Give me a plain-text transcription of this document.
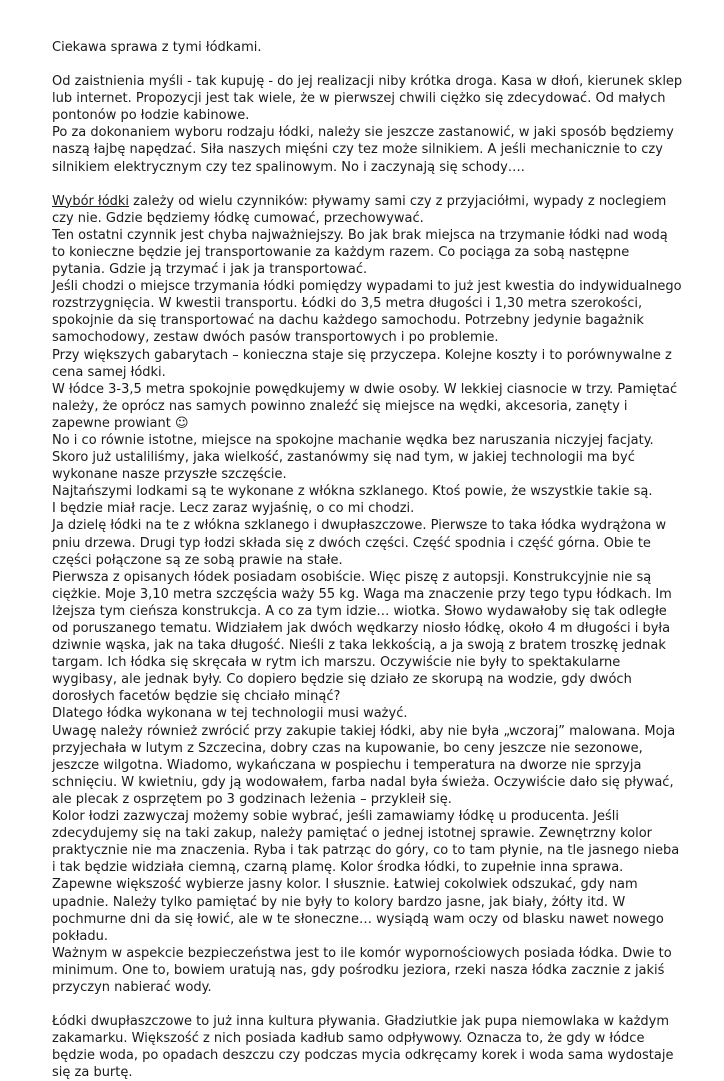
Ciekawa sprawa z tymi łódkami.

Od zaistnienia myśli - tak kupuję - do jej realizacji niby krótka droga. Kasa w dłoń, kierunek sklep lub internet. Propozycji jest tak wiele, że w pierwszej chwili ciężko się zdecydować. Od małych pontonów po łodzie kabinowe.

Po za dokonaniem wyboru rodzaju łódki, należy sie jeszcze zastanowić, w jaki sposób będziemy naszą łajbę napędzać. Siła naszych mięśni czy tez może silnikiem. A jeśli mechanicznie to czy silnikiem elektrycznym czy tez spalinowym. No i zaczynają się schody….

Wybór łódki zależy od wielu czynników: pływamy sami czy z przyjaciółmi, wypady z noclegiem czy nie. Gdzie będziemy łódkę cumować, przechowywać.

Ten ostatni czynnik jest chyba najważniejszy. Bo jak brak miejsca na trzymanie łódki nad wodą to konieczne będzie jej transportowanie za każdym razem. Co pociąga za sobą następne pytania. Gdzie ją trzymać i jak ja transportować.

Jeśli chodzi o miejsce trzymania łódki pomiędzy wypadami to już jest kwestia do indywidualnego rozstrzygnięcia. W kwestii transportu. Łódki do 3,5 metra długości i 1,30 metra szerokości, spokojnie da się transportować na dachu każdego samochodu. Potrzebny jedynie bagażnik samochodowy, zestaw dwóch pasów transportowych i po problemie.

Przy większych gabarytach – konieczna staje się przyczepa. Kolejne koszty i to porównywalne z cena samej łódki.

W łódce 3-3,5 metra spokojnie powędkujemy w dwie osoby. W lekkiej ciasnocie w trzy. Pamiętać należy, że oprócz nas samych powinno znaleźć się miejsce na wędki, akcesoria, zanęty i zapewne prowiant ☺

No i co równie istotne, miejsce na spokojne machanie wędka bez naruszania niczyjej facjaty.

Skoro już ustaliliśmy, jaka wielkość, zastanówmy się nad tym, w jakiej technologii ma być wykonane nasze przyszłe szczęście.

Najtańszymi lodkami są te wykonane z włókna szklanego. Ktoś powie, że wszystkie takie są.

I będzie miał racje. Lecz zaraz wyjaśnię, o co mi chodzi.

Ja dzielę łódki na te z włókna szklanego i dwupłaszczowe. Pierwsze to taka łódka wydrążona w pniu drzewa. Drugi typ łodzi składa się z dwóch części. Część spodnia i część górna. Obie te części połączone są ze sobą prawie na stałe.

Pierwsza z opisanych łódek posiadam osobiście. Więc piszę z autopsji. Konstrukcyjnie nie są ciężkie. Moje 3,10 metra szczęścia waży 55 kg. Waga ma znaczenie przy tego typu łódkach. Im lżejsza tym cieńsza konstrukcja. A co za tym idzie… wiotka. Słowo wydawałoby się tak odległe od poruszanego tematu. Widziałem jak dwóch wędkarzy niosło łódkę, około 4 m długości i była dziwnie wąska, jak na taka długość. Nieśli z taka lekkością, a ja swoją z bratem troszkę jednak targam. Ich łódka się skręcała w rytm ich marszu. Oczywiście nie były to spektakularne wygibasy, ale jednak były. Co dopiero będzie się działo ze skorupą na wodzie, gdy dwóch dorosłych facetów będzie się chciało minąć?

Dlatego łódka wykonana w tej technologii musi ważyć.

Uwagę należy również zwrócić przy zakupie takiej łódki, aby nie była „wczoraj” malowana. Moja przyjechała w lutym z Szczecina, dobry czas na kupowanie, bo ceny jeszcze nie sezonowe, jeszcze wilgotna. Wiadomo, wykańczana w pospiechu i temperatura na dworze nie sprzyja schnięciu. W kwietniu, gdy ją wodowałem, farba nadal była świeża. Oczywiście dało się pływać, ale plecak z osprzętem po 3 godzinach leżenia – przykleił się.

Kolor łodzi zazwyczaj możemy sobie wybrać, jeśli zamawiamy łódkę u producenta. Jeśli zdecydujemy się na taki zakup, należy pamiętać o jednej istotnej sprawie. Zewnętrzny kolor praktycznie nie ma znaczenia. Ryba i tak patrząc do góry, co to tam płynie, na tle jasnego nieba i tak będzie widziała ciemną, czarną plamę. Kolor środka łódki, to zupełnie inna sprawa.

Zapewne większość wybierze jasny kolor. I słusznie. Łatwiej cokolwiek odszukać, gdy nam upadnie. Należy tylko pamiętać by nie były to kolory bardzo jasne, jak biały, żółty itd. W pochmurne dni da się łowić, ale w te słoneczne… wysiądą wam oczy od blasku nawet nowego pokładu.

Ważnym w aspekcie bezpieczeństwa jest to ile komór wypornościowych posiada łódka. Dwie to minimum. One to, bowiem uratują nas, gdy pośrodku jeziora, rzeki nasza łódka zacznie z jakiś przyczyn nabierać wody.

Łódki dwupłaszczowe to już inna kultura pływania. Gładziutkie jak pupa niemowlaka w każdym zakamarku. Większość z nich posiada kadłub samo odpływowy. Oznacza to, że gdy w łódce będzie woda, po opadach deszczu czy podczas mycia odkręcamy korek i woda sama wydostaje się za burtę.
